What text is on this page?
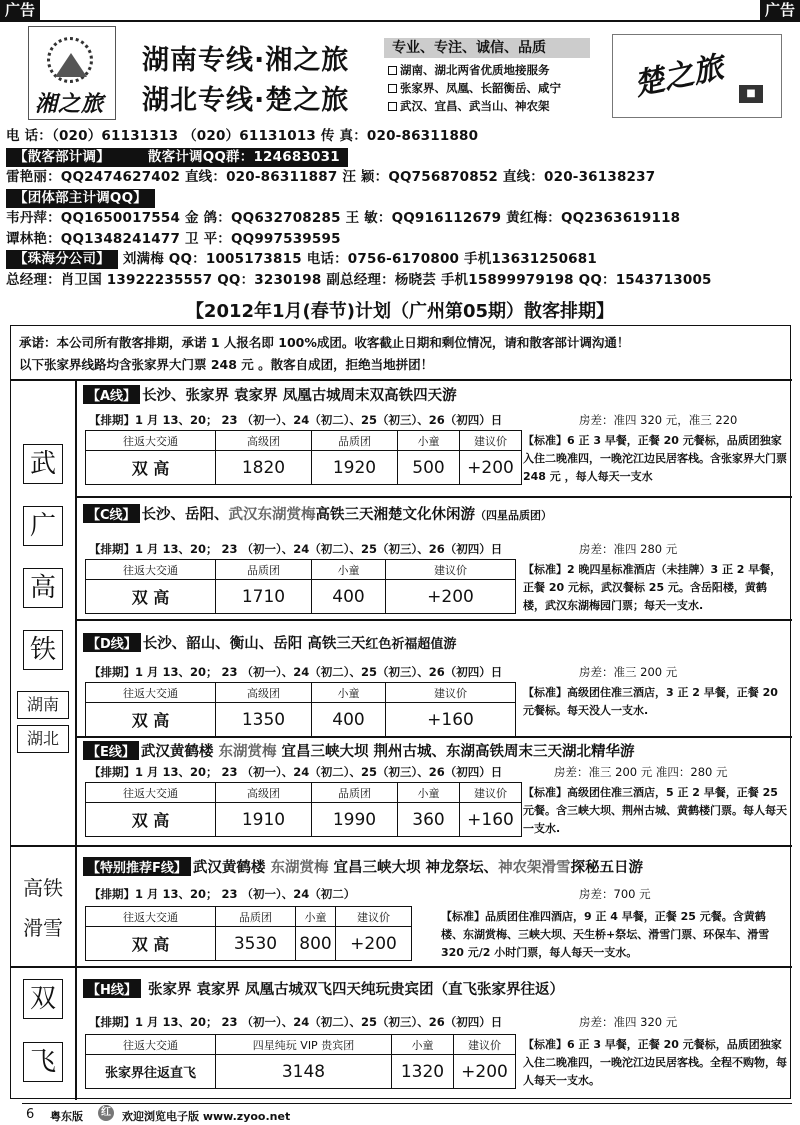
广告	广告
湘之旅
湖南专线·湘之旅
湖北专线·楚之旅
专业、专注、诚信、品质
湖南、湖北两省优质地接服务
张家界、凤凰、长韶衡岳、咸宁
武汉、宜昌、武当山、神农架
楚之旅	■
电 话：（020）61131313 （020）61131013 传 真：020-86311880
【散客部计调】	散客计调QQ群：124683031
雷艳丽：QQ2474627402 直线：020-86311887 汪 颖：QQ756870852 直线：020-36138237
【团体部主计调QQ】
韦丹萍：QQ1650017554 金 鸽：QQ632708285 王 敏：QQ916112679 黄红梅：QQ2363619118
谭林艳：QQ1348241477 卫 平：QQ997539595
【珠海分公司】 刘满梅 QQ：1005173815 电话：0756-6170800 手机13631250681
总经理：肖卫国 13922235557 QQ：3230198 副总经理：杨晓芸 手机15899979198 QQ：1543713005
【2012年1月(春节)计划（广州第05期）散客排期】
承诺：本公司所有散客排期，承诺 1 人报名即 100%成团。收客截止日期和剩位情况，请和散客部计调沟通！
以下张家界线路均含张家界大门票 248 元 。散客自成团，拒绝当地拼团！
武
广
高
铁
湖南
湖北
高铁
滑雪
双
飞
【A线】 长沙、张家界 袁家界 凤凰古城周末双高铁四天游
【排期】1 月 13、20； 23 （初一）、24（初二）、25（初三）、26（初四）日	房差：准四 320 元，准三 220
往返大交通	高级团	品质团	小童	建议价
双 高	1820	1920	500	+200
【标准】6 正 3 早餐，正餐 20 元餐标，品质团独家入住二晚准四，一晚沱江边民居客栈。含张家界大门票 248 元 ，每人每天一支水
【C线】 长沙、岳阳、武汉东湖赏梅高铁三天湘楚文化休闲游（四星品质团）
【排期】1 月 13、20； 23 （初一）、24（初二）、25（初三）、26（初四）日	房差：准四 280 元
往返大交通	品质团	小童	建议价
双 高	1710	400	+200
【标准】2 晚四星标准酒店（未挂牌）3 正 2 早餐，正餐 20 元标，武汉餐标 25 元。含岳阳楼，黄鹤楼，武汉东湖梅园门票；每天一支水.
【D线】 长沙、韶山、衡山、岳阳 高铁三天红色祈福超值游
【排期】1 月 13、20； 23 （初一）、24（初二）、25（初三）、26（初四）日	房差：准三 200 元
往返大交通	高级团	小童	建议价
双 高	1350	400	+160
【标准】高级团住准三酒店，3 正 2 早餐，正餐 20 元餐标。每天没人一支水.
【E线】 武汉黄鹤楼 东湖赏梅 宜昌三峡大坝 荆州古城、东湖高铁周末三天湖北精华游
【排期】1 月 13、20； 23 （初一）、24（初二）、25（初三）、26（初四）日	房差：准三 200 元 准四：280 元
往返大交通	高级团	品质团	小童	建议价
双 高	1910	1990	360	+160
【标准】高级团住准三酒店，5 正 2 早餐，正餐 25 元餐。含三峡大坝、荆州古城、黄鹤楼门票。每人每天一支水.
【特别推荐F线】 武汉黄鹤楼 东湖赏梅 宜昌三峡大坝 神龙祭坛、神农架滑雪探秘五日游
【排期】1 月 13、20； 23 （初一）、24（初二）	房差：700 元
往返大交通	品质团	小童	建议价
双 高	3530	800	+200
【标准】品质团住准四酒店，9 正 4 早餐，正餐 25 元餐。含黄鹤楼、东湖赏梅、三峡大坝、天生桥+祭坛、滑雪门票、环保车、滑雪 320 元/2 小时门票，每人每天一支水。
【H线】 张家界 袁家界 凤凰古城双飞四天纯玩贵宾团（直飞张家界往返）
【排期】1 月 13、20； 23 （初一）、24（初二）、25（初三）、26（初四）日	房差：准四 320 元
往返大交通	四星纯玩 VIP 贵宾团	小童	建议价
张家界往返直飞	3148	1320	+200
【标准】6 正 3 早餐，正餐 20 元餐标，品质团独家入住二晚准四，一晚沱江边民居客栈。全程不购物，每人每天一支水。
6 粤东版	红 欢迎浏览电子版 www.zyoo.net
